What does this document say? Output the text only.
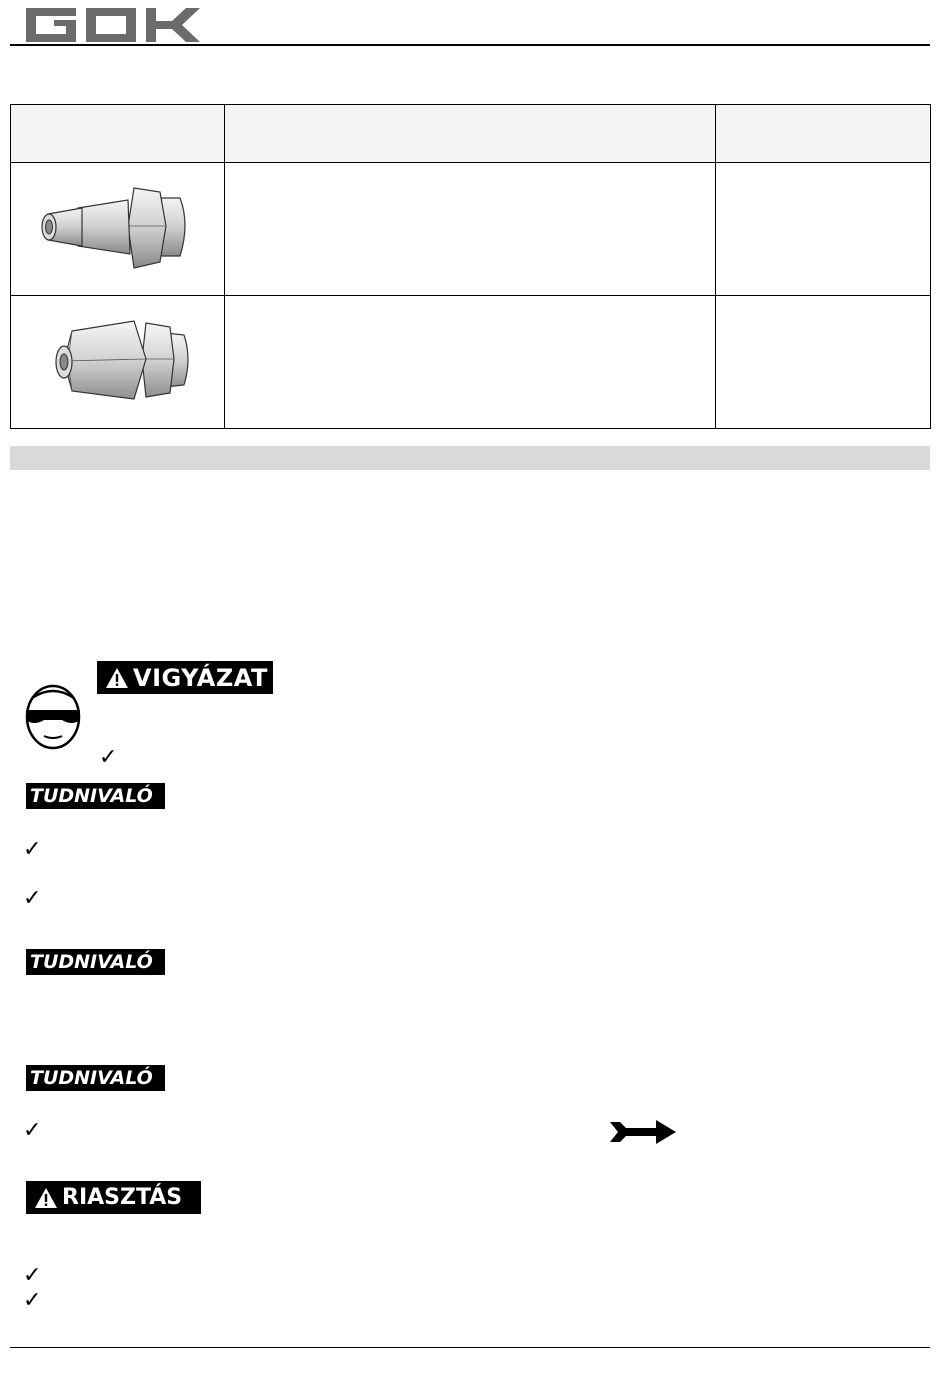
VIGYÁZAT
✓
TUDNIVALÓ
✓
✓
TUDNIVALÓ
TUDNIVALÓ
✓
RIASZTÁS
✓
✓
